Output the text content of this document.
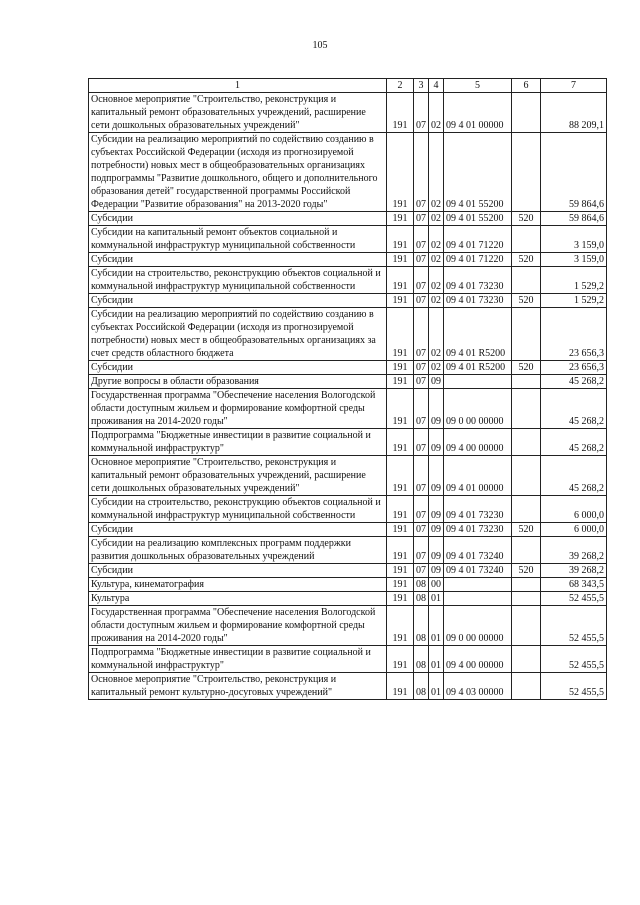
105
1	2	3	4	5	6	7
Основное мероприятие "Строительство, реконструкция и капитальный ремонт образовательных учреждений, расширение сети дошкольных образовательных учреждений"	191	07	02	09 4 01 00000		88 209,1
Субсидии на реализацию мероприятий по содействию созданию в субъектах Российской Федерации (исходя из прогнозируемой потребности) новых мест в общеобразовательных организациях подпрограммы "Развитие дошкольного, общего и дополнительного образования детей" государственной программы Российской Федерации "Развитие образования" на 2013-2020 годы"	191	07	02	09 4 01 55200		59 864,6
Субсидии	191	07	02	09 4 01 55200	520	59 864,6
Субсидии на капитальный ремонт объектов социальной и коммунальной инфраструктур муниципальной собственности	191	07	02	09 4 01 71220		3 159,0
Субсидии	191	07	02	09 4 01 71220	520	3 159,0
Субсидии на строительство, реконструкцию объектов социальной и коммунальной инфраструктур муниципальной собственности	191	07	02	09 4 01 73230		1 529,2
Субсидии	191	07	02	09 4 01 73230	520	1 529,2
Субсидии на реализацию мероприятий по содействию созданию в субъектах Российской Федерации (исходя из прогнозируемой потребности) новых мест в общеобразовательных организациях за счет средств областного бюджета	191	07	02	09 4 01 R5200		23 656,3
Субсидии	191	07	02	09 4 01 R5200	520	23 656,3
Другие вопросы в области образования	191	07	09			45 268,2
Государственная программа "Обеспечение населения Вологодской области доступным жильем и формирование комфортной среды проживания на 2014-2020 годы"	191	07	09	09 0 00 00000		45 268,2
Подпрограмма "Бюджетные инвестиции в развитие социальной и коммунальной инфраструктур"	191	07	09	09 4 00 00000		45 268,2
Основное мероприятие "Строительство, реконструкция и капитальный ремонт образовательных учреждений, расширение сети дошкольных образовательных учреждений"	191	07	09	09 4 01 00000		45 268,2
Субсидии на строительство, реконструкцию объектов социальной и коммунальной инфраструктур муниципальной собственности	191	07	09	09 4 01 73230		6 000,0
Субсидии	191	07	09	09 4 01 73230	520	6 000,0
Субсидии на реализацию комплексных программ поддержки развития дошкольных образовательных учреждений	191	07	09	09 4 01 73240		39 268,2
Субсидии	191	07	09	09 4 01 73240	520	39 268,2
Культура, кинематография	191	08	00			68 343,5
Культура	191	08	01			52 455,5
Государственная программа "Обеспечение населения Вологодской области доступным жильем и формирование комфортной среды проживания на 2014-2020 годы"	191	08	01	09 0 00 00000		52 455,5
Подпрограмма "Бюджетные инвестиции в развитие социальной и коммунальной инфраструктур"	191	08	01	09 4 00 00000		52 455,5
Основное мероприятие "Строительство, реконструкция и капитальный ремонт культурно-досуговых учреждений"	191	08	01	09 4 03 00000		52 455,5
